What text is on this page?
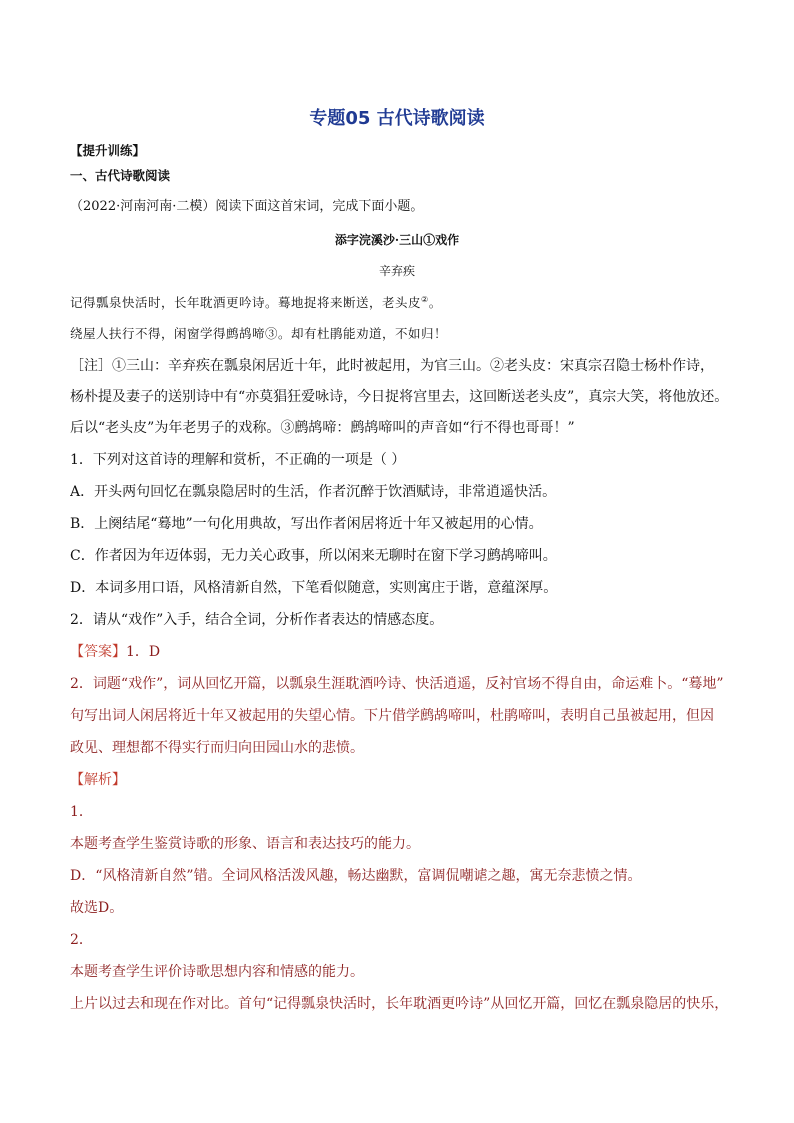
专题05 古代诗歌阅读
【提升训练】
一、古代诗歌阅读
（2022·河南河南·二模）阅读下面这首宋词，完成下面小题。
添字浣溪沙·三山①戏作
辛弃疾
记得瓢泉快活时，长年耽酒更吟诗。蓦地捉将来断送，老头皮②。
绕屋人扶行不得，闲窗学得鹧鸪啼③。却有杜鹃能劝道，不如归！
［注］①三山：辛弃疾在瓢泉闲居近十年，此时被起用，为官三山。②老头皮：宋真宗召隐士杨朴作诗，
杨朴提及妻子的送别诗中有“亦莫猖狂爱咏诗，今日捉将宫里去，这回断送老头皮”，真宗大笑，将他放还。
后以“老头皮”为年老男子的戏称。③鹧鸪啼：鹧鸪啼叫的声音如“行不得也哥哥！”
1．下列对这首诗的理解和赏析，不正确的一项是（ ）
A．开头两句回忆在瓢泉隐居时的生活，作者沉醉于饮酒赋诗，非常逍遥快活。
B．上阕结尾“蓦地”一句化用典故，写出作者闲居将近十年又被起用的心情。
C．作者因为年迈体弱，无力关心政事，所以闲来无聊时在窗下学习鹧鸪啼叫。
D．本词多用口语，风格清新自然，下笔看似随意，实则寓庄于谐，意蕴深厚。
2．请从“戏作”入手，结合全词，分析作者表达的情感态度。
【答案】1．D
2．词题“戏作”，词从回忆开篇，以瓢泉生涯耽酒吟诗、快活逍遥，反衬官场不得自由，命运难卜。“蓦地”
句写出词人闲居将近十年又被起用的失望心情。下片借学鹧鸪啼叫，杜鹃啼叫，表明自己虽被起用，但因
政见、理想都不得实行而归向田园山水的悲愤。
【解析】
1．
本题考查学生鉴赏诗歌的形象、语言和表达技巧的能力。
D．“风格清新自然”错。全词风格活泼风趣，畅达幽默，富调侃嘲谑之趣，寓无奈悲愤之情。
故选D。
2．
本题考查学生评价诗歌思想内容和情感的能力。
上片以过去和现在作对比。首句“记得瓢泉快活时，长年耽酒更吟诗”从回忆开篇，回忆在瓢泉隐居的快乐，
